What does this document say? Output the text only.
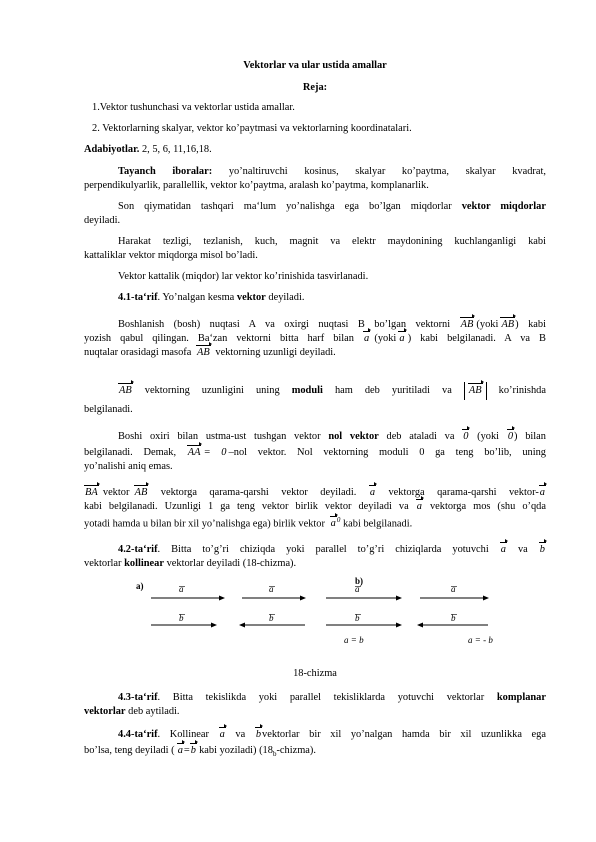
Vektorlar va ular ustida amallar
Reja:
1.Vektor tushunchasi va vektorlar ustida amallar.
2. Vektorlarning skalyar, vektor ko’paytmasi va vektorlarning koordinatalari.
Adabiyotlar. 2, 5, 6, 11,16,18.
Tayanch iboralar: yo’naltiruvchi kosinus, skalyar ko’paytma, skalyar kvadrat,
perpendikulyarlik, parallellik, vektor ko’paytma, aralash ko’paytma, komplanarlik.
Son qiymatidan tashqari ma‘lum yo’nalishga ega bo’lgan miqdorlar vektor miqdorlar
deyiladi.
Harakat tezligi, tezlanish, kuch, magnit va elektr maydonining kuchlanganligi kabi
kattaliklar vektor miqdorga misol bo’ladi.
Vektor kattalik (miqdor) lar vektor ko’rinishida tasvirlanadi.
4.1-ta‘rif. Yo’nalgan kesma vektor deyiladi.
Boshlanish (bosh) nuqtasi A va oxirgi nuqtasi B bo’lgan vektorni AB  (yoki  AB) kabi
yozish qabul qilingan. Ba‘zan vektorni bitta harf bilan a   (yoki  a  ) kabi belgilanadi. A va B
nuqtalar orasidagi masofa  AB  vektorning uzunligi deyiladi.
AB vektorning uzunligini uning moduli ham deb yuritiladi va AB ko’rinishda
belgilanadi.
Boshi oxiri bilan ustma-ust tushgan vektor nol vektor deb ataladi va 0 (yoki 0) bilan
belgilanadi. Demak, AA  = 0  –nol vektor. Nol vektorning moduli 0 ga teng bo’lib, uning
yo’nalishi aniq emas.
BA   vektor   AB vektorga qarama-qarshi vektor deyiladi. a vektorga qarama-qarshi vektor-a
kabi belgilanadi. Uzunligi 1 ga teng vektor birlik vektor deyiladi va a vektorga mos (shu o’qda
yotadi hamda u bilan bir xil yo’nalishga ega) birlik vektor  $a^0$ kabi belgilanadi.
4.2-ta‘rif. Bitta to’g’ri chiziqda yoki parallel to’g’ri chiziqlarda yotuvchi a va b
vektorlar kollinear vektorlar deyiladi (18-chizma).
a)	b)
a
b
a
b
a
b
a = b
a
b
a = - b
18-chizma
4.3-ta‘rif. Bitta tekislikda yoki parallel tekisliklarda yotuvchi vektorlar komplanar
vektorlar deb aytiladi.
4.4-ta‘rif. Kollinear a va bvektorlar bir xil yo’nalgan hamda bir xil uzunlikka ega
bo’lsa, teng deyiladi (  a=b  kabi yoziladi) $(18_b-chizma)$.
